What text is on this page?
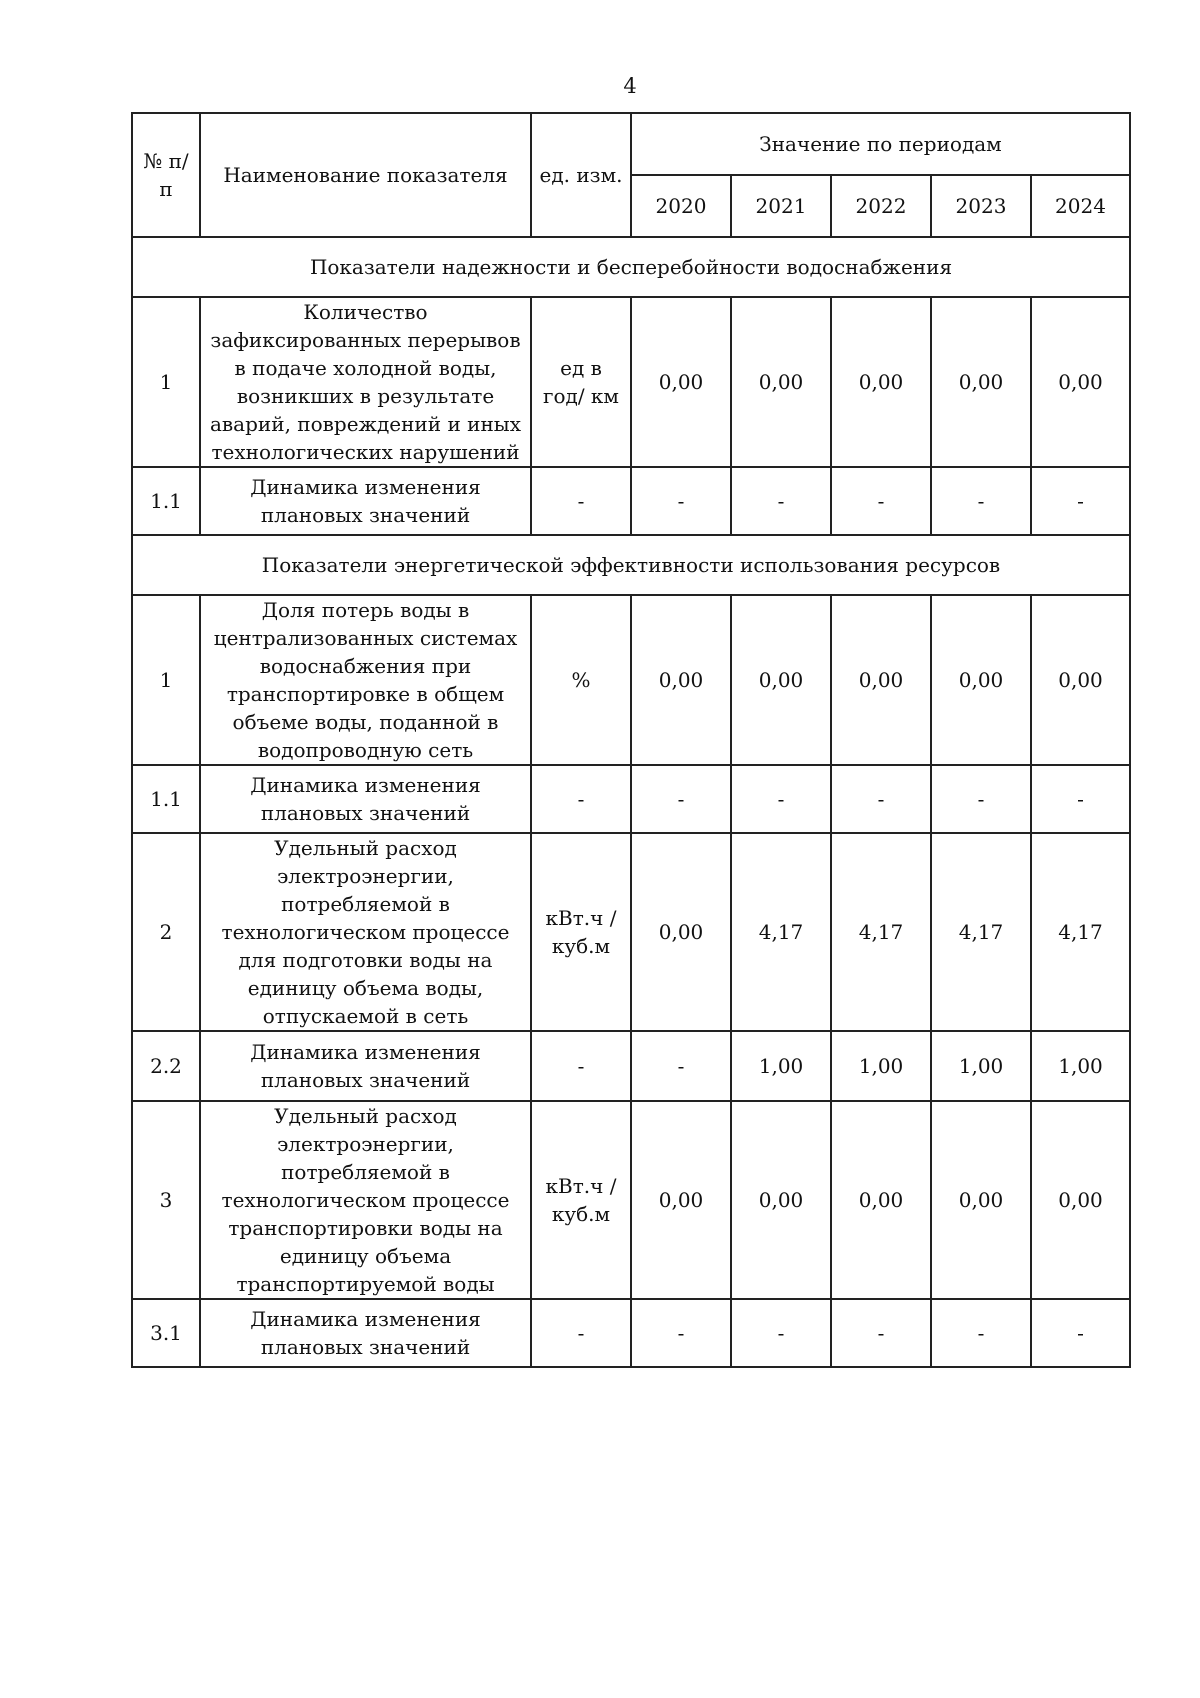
4
№ п/п	Наименование показателя	ед. изм.	Значение по периодам				
			2020	2021	2022	2023	2024
Показатели надежности и бесперебойности водоснабжения							
1	Количество зафиксированных перерывов в подаче холодной воды, возникших в результате аварий, повреждений и иных технологических нарушений	ед в год/ км	0,00	0,00	0,00	0,00	0,00
1.1	Динамика изменения плановых значений	-	-	-	-	-	-
Показатели энергетической эффективности использования ресурсов							
1	Доля потерь воды в централизованных системах водоснабжения при транспортировке в общем объеме воды, поданной в водопроводную сеть	%	0,00	0,00	0,00	0,00	0,00
1.1	Динамика изменения плановых значений	-	-	-	-	-	-
2	Удельный расход электроэнергии, потребляемой в технологическом процессе для подготовки воды на единицу объема воды, отпускаемой в сеть	кВт.ч / куб.м	0,00	4,17	4,17	4,17	4,17
2.2	Динамика изменения плановых значений	-	-	1,00	1,00	1,00	1,00
3	Удельный расход электроэнергии, потребляемой в технологическом процессе транспортировки воды на единицу объема транспортируемой воды	кВт.ч / куб.м	0,00	0,00	0,00	0,00	0,00
3.1	Динамика изменения плановых значений	-	-	-	-	-	-
